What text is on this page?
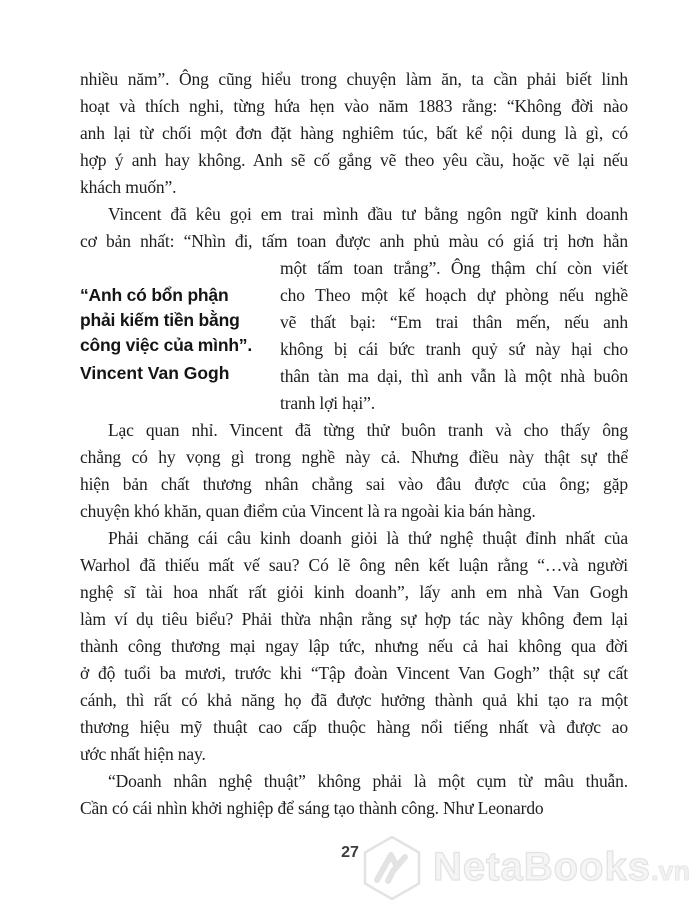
nhiều năm”. Ông cũng hiểu trong chuyện làm ăn, ta cần phải biết linh
hoạt và thích nghi, từng hứa hẹn vào năm 1883 rằng: “Không đời nào
anh lại từ chối một đơn đặt hàng nghiêm túc, bất kể nội dung là gì, có
hợp ý anh hay không. Anh sẽ cố gắng vẽ theo yêu cầu, hoặc vẽ lại nếu
khách muốn”.

Vincent đã kêu gọi em trai mình đầu tư bằng ngôn ngữ kinh doanh
cơ bản nhất: “Nhìn đi, tấm toan được anh phủ màu có giá trị hơn hẳn

“Anh có bổn phận
phải kiếm tiền bằng
công việc của mình”.
Vincent Van Gogh
một tấm toan trắng”. Ông thậm chí còn viết
cho Theo một kế hoạch dự phòng nếu nghề
vẽ thất bại: “Em trai thân mến, nếu anh
không bị cái bức tranh quỷ sứ này hại cho
thân tàn ma dại, thì anh vẫn là một nhà buôn
tranh lợi hại”.

Lạc quan nhỉ. Vincent đã từng thử buôn tranh và cho thấy ông
chẳng có hy vọng gì trong nghề này cả. Nhưng điều này thật sự thể
hiện bản chất thương nhân chẳng sai vào đâu được của ông; gặp
chuyện khó khăn, quan điểm của Vincent là ra ngoài kia bán hàng.

Phải chăng cái câu kinh doanh giỏi là thứ nghệ thuật đỉnh nhất của
Warhol đã thiếu mất vế sau? Có lẽ ông nên kết luận rằng “…và người
nghệ sĩ tài hoa nhất rất giỏi kinh doanh”, lấy anh em nhà Van Gogh
làm ví dụ tiêu biểu? Phải thừa nhận rằng sự hợp tác này không đem lại
thành công thương mại ngay lập tức, nhưng nếu cả hai không qua đời
ở độ tuổi ba mươi, trước khi “Tập đoàn Vincent Van Gogh” thật sự cất
cánh, thì rất có khả năng họ đã được hưởng thành quả khi tạo ra một
thương hiệu mỹ thuật cao cấp thuộc hàng nổi tiếng nhất và được ao
ước nhất hiện nay.

“Doanh nhân nghệ thuật” không phải là một cụm từ mâu thuẫn.
Cần có cái nhìn khởi nghiệp để sáng tạo thành công. Như Leonardo

27	NetaBooks.vn
